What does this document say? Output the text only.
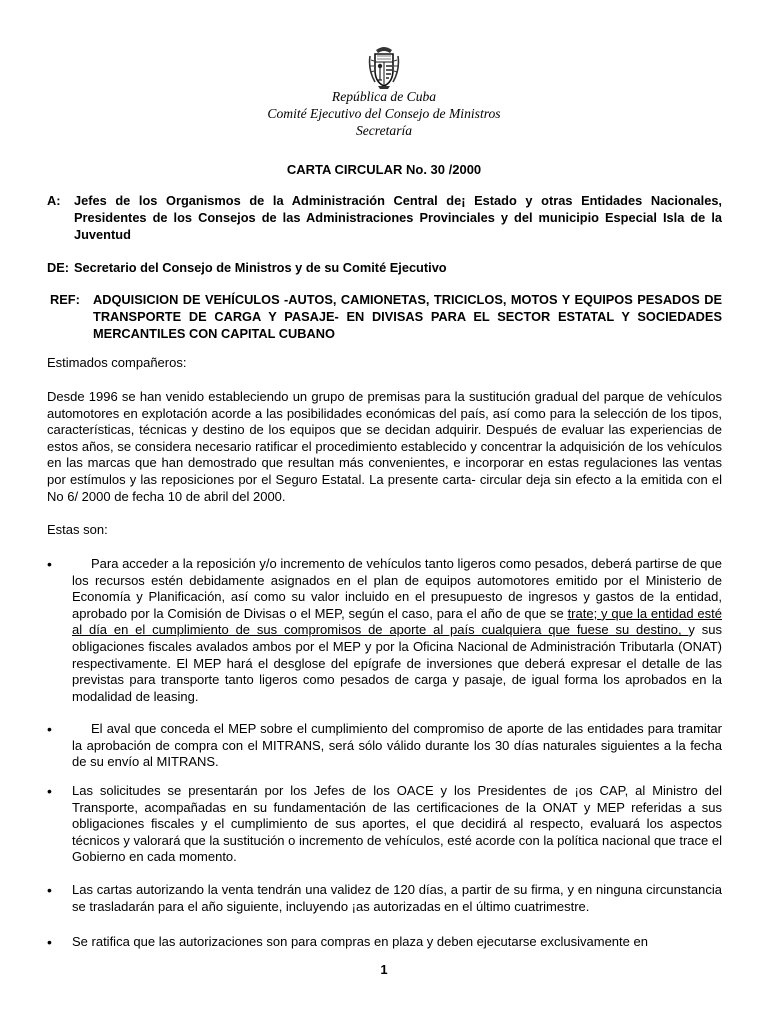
República de Cuba
Comité Ejecutivo del Consejo de Ministros
Secretaría
CARTA CIRCULAR No. 30 /2000
A: Jefes de los Organismos de la Administración Central de¡ Estado y otras Entidades Nacionales, Presidentes de los Consejos de las Administraciones Provinciales y del municipio Especial Isla de la Juventud
DE: Secretario del Consejo de Ministros y de su Comité Ejecutivo
REF: ADQUISICION DE VEHÍCULOS -AUTOS, CAMIONETAS, TRICICLOS, MOTOS Y EQUIPOS PESADOS DE TRANSPORTE DE CARGA Y PASAJE- EN DIVISAS PARA EL SECTOR ESTATAL Y SOCIEDADES MERCANTILES CON CAPITAL CUBANO
Estimados compañeros:
Desde 1996 se han venido estableciendo un grupo de premisas para la sustitución gradual del parque de vehículos automotores en explotación acorde a las posibilidades económicas del país, así como para la selección de los tipos, características, técnicas y destino de los equipos que se decidan adquirir. Después de evaluar las experiencias de estos años, se considera necesario ratificar el procedimiento establecido y concentrar la adquisición de los vehículos en las marcas que han demostrado que resultan más convenientes, e incorporar en estas regulaciones las ventas por estímulos y las reposiciones por el Seguro Estatal. La presente carta- circular deja sin efecto a la emitida con el No 6/ 2000 de fecha 10 de abril del 2000.
Estas son:
•	Para acceder a la reposición y/o incremento de vehículos tanto ligeros como pesados, deberá partirse de que los recursos estén debidamente asignados en el plan de equipos automotores emitido por el Ministerio de Economía y Planificación, así como su valor incluido en el presupuesto de ingresos y gastos de la entidad, aprobado por la Comisión de Divisas o el MEP, según el caso, para el año de que se trate; y que la entidad esté al día en el cumplimiento de sus compromisos de aporte al país cualquiera que fuese su destino, y sus obligaciones fiscales avalados ambos por el MEP y por la Oficina Nacional de Administración Tributarla (ONAT) respectivamente. El MEP hará el desglose del epígrafe de inversiones que deberá expresar el detalle de las previstas para transporte tanto ligeros como pesados de carga y pasaje, de igual forma los aprobados en la modalidad de leasing.
•	El aval que conceda el MEP sobre el cumplimiento del compromiso de aporte de las entidades para tramitar la aprobación de compra con el MITRANS, será sólo válido durante los 30 días naturales siguientes a la fecha de su envío al MITRANS.
• Las solicitudes se presentarán por los Jefes de los OACE y los Presidentes de ¡os CAP, al Ministro del Transporte, acompañadas en su fundamentación de las certificaciones de la ONAT y MEP referidas a sus obligaciones fiscales y el cumplimiento de sus aportes, el que decidirá al respecto, evaluará los aspectos técnicos y valorará que la sustitución o incremento de vehículos, esté acorde con la política nacional que trace el Gobierno en cada momento.
• Las cartas autorizando la venta tendrán una validez de 120 días, a partir de su firma, y en ninguna circunstancia se trasladarán para el año siguiente, incluyendo ¡as autorizadas en el último cuatrimestre.
• Se ratifica que las autorizaciones son para compras en plaza y deben ejecutarse exclusivamente en
1
